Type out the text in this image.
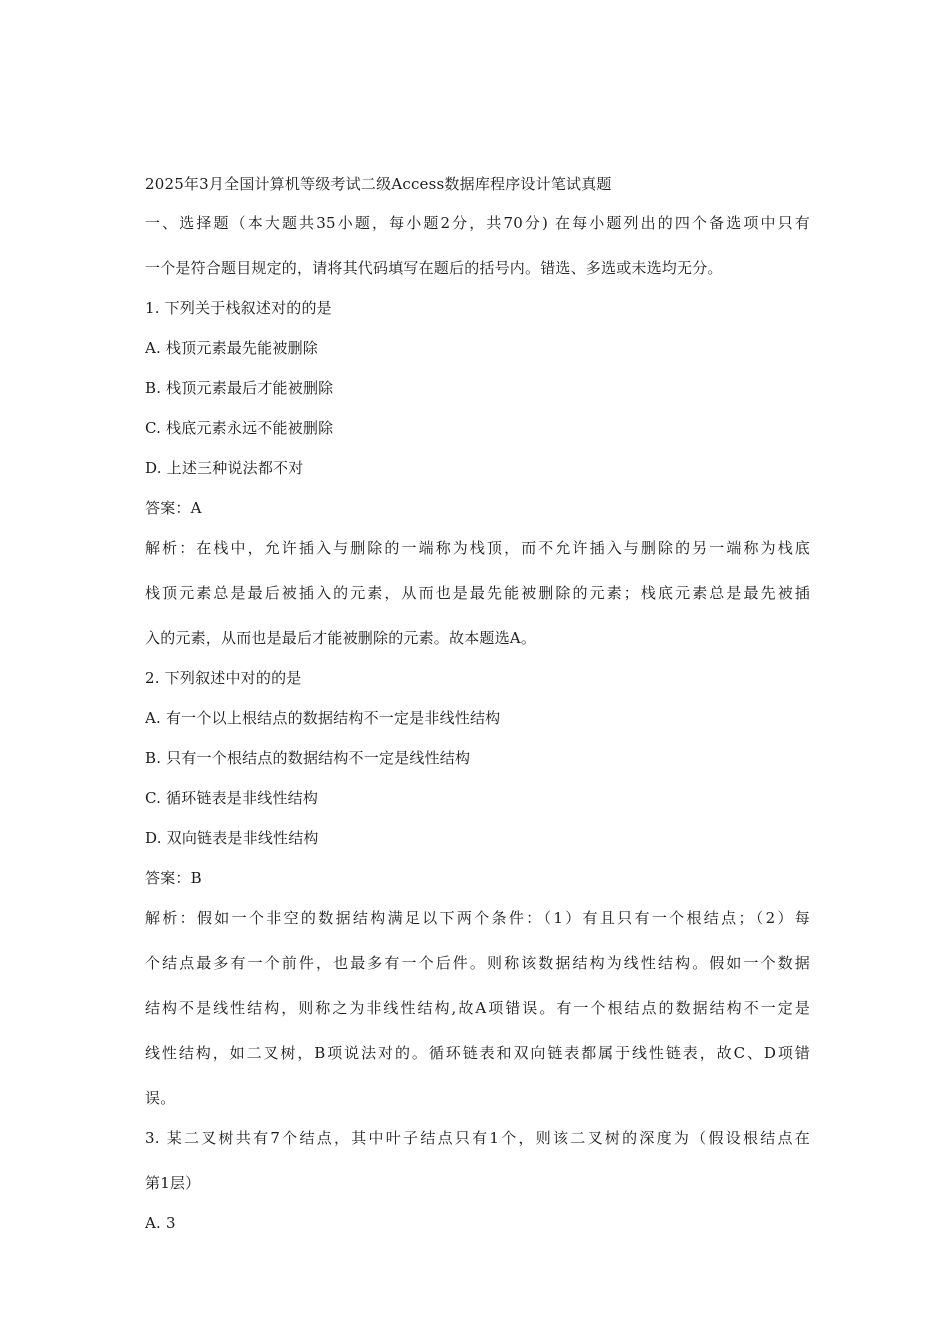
2025年3月全国计算机等级考试二级Access数据库程序设计笔试真题
一、选择题（本大题共35小题，每小题2分，共70分) 在每小题列出的四个备选项中只有
一个是符合题目规定的，请将其代码填写在题后的括号内。错选、多选或未选均无分。
1. 下列关于栈叙述对的的是
A. 栈顶元素最先能被删除
B. 栈顶元素最后才能被删除
C. 栈底元素永远不能被删除
D. 上述三种说法都不对
答案：A
解析：在栈中，允许插入与删除的一端称为栈顶，而不允许插入与删除的另一端称为栈底
栈顶元素总是最后被插入的元素，从而也是最先能被删除的元素；栈底元素总是最先被插
入的元素，从而也是最后才能被删除的元素。故本题选A。
2. 下列叙述中对的的是
A. 有一个以上根结点的数据结构不一定是非线性结构
B. 只有一个根结点的数据结构不一定是线性结构
C. 循环链表是非线性结构
D. 双向链表是非线性结构
答案：B
解析：假如一个非空的数据结构满足以下两个条件：（1）有且只有一个根结点；（2）每
个结点最多有一个前件，也最多有一个后件。则称该数据结构为线性结构。假如一个数据
结构不是线性结构，则称之为非线性结构,故A项错误。有一个根结点的数据结构不一定是
线性结构，如二叉树，B项说法对的。循环链表和双向链表都属于线性链表，故C、D项错
误。
3. 某二叉树共有7个结点，其中叶子结点只有1个，则该二叉树的深度为（假设根结点在
第1层）
A. 3
